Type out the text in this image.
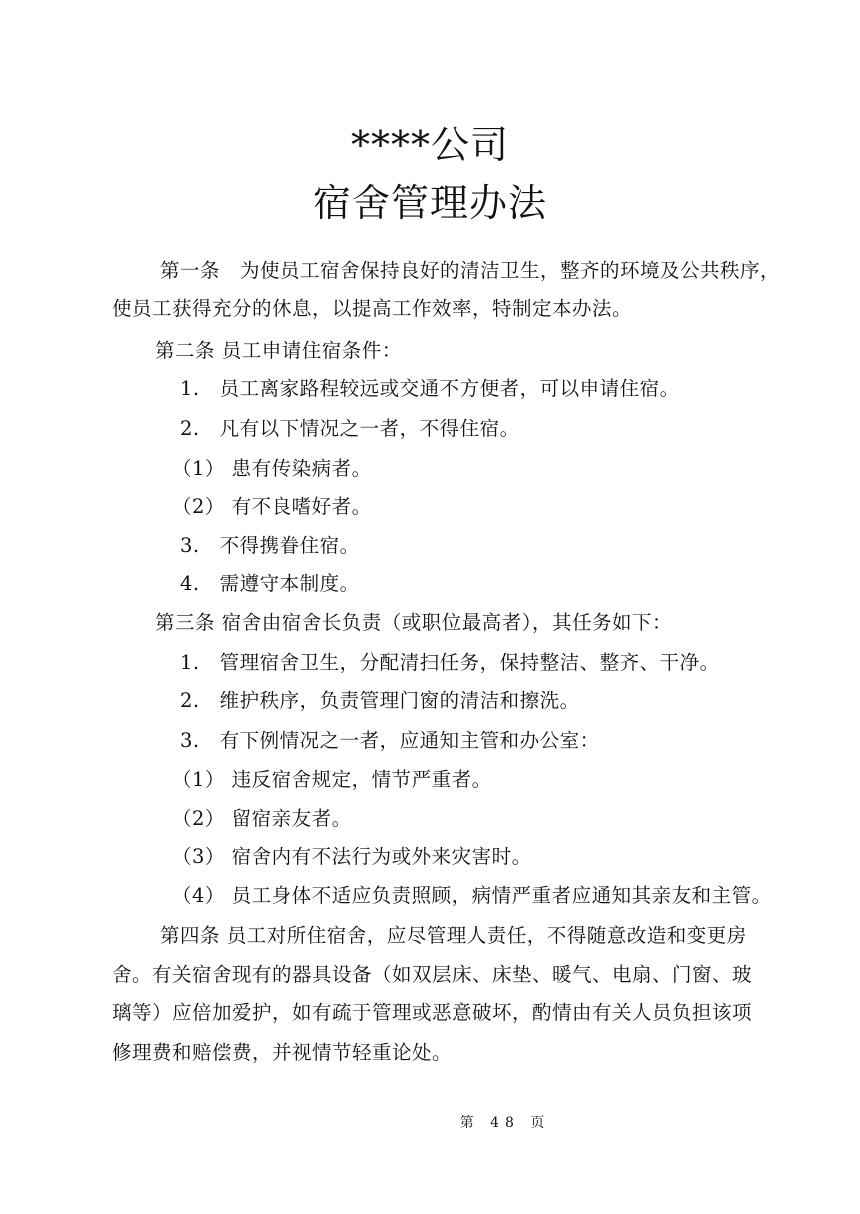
****公司
宿舍管理办法
第一条　为使员工宿舍保持良好的清洁卫生，整齐的环境及公共秩序，
使员工获得充分的休息，以提高工作效率，特制定本办法。
第二条 员工申请住宿条件：
1.　员工离家路程较远或交通不方便者，可以申请住宿。
2.　凡有以下情况之一者，不得住宿。
（1） 患有传染病者。
（2） 有不良嗜好者。
3.　不得携眷住宿。
4.　需遵守本制度。
第三条 宿舍由宿舍长负责（或职位最高者），其任务如下：
1.　管理宿舍卫生，分配清扫任务，保持整洁、整齐、干净。
2.　维护秩序，负责管理门窗的清洁和擦洗。
3.　有下例情况之一者，应通知主管和办公室：
（1） 违反宿舍规定，情节严重者。
（2） 留宿亲友者。
（3） 宿舍内有不法行为或外来灾害时。
（4） 员工身体不适应负责照顾，病情严重者应通知其亲友和主管。
第四条 员工对所住宿舍，应尽管理人责任，不得随意改造和变更房
舍。有关宿舍现有的器具设备（如双层床、床垫、暖气、电扇、门窗、玻
璃等）应倍加爱护，如有疏于管理或恶意破坏，酌情由有关人员负担该项
修理费和赔偿费，并视情节轻重论处。
第 48 页
